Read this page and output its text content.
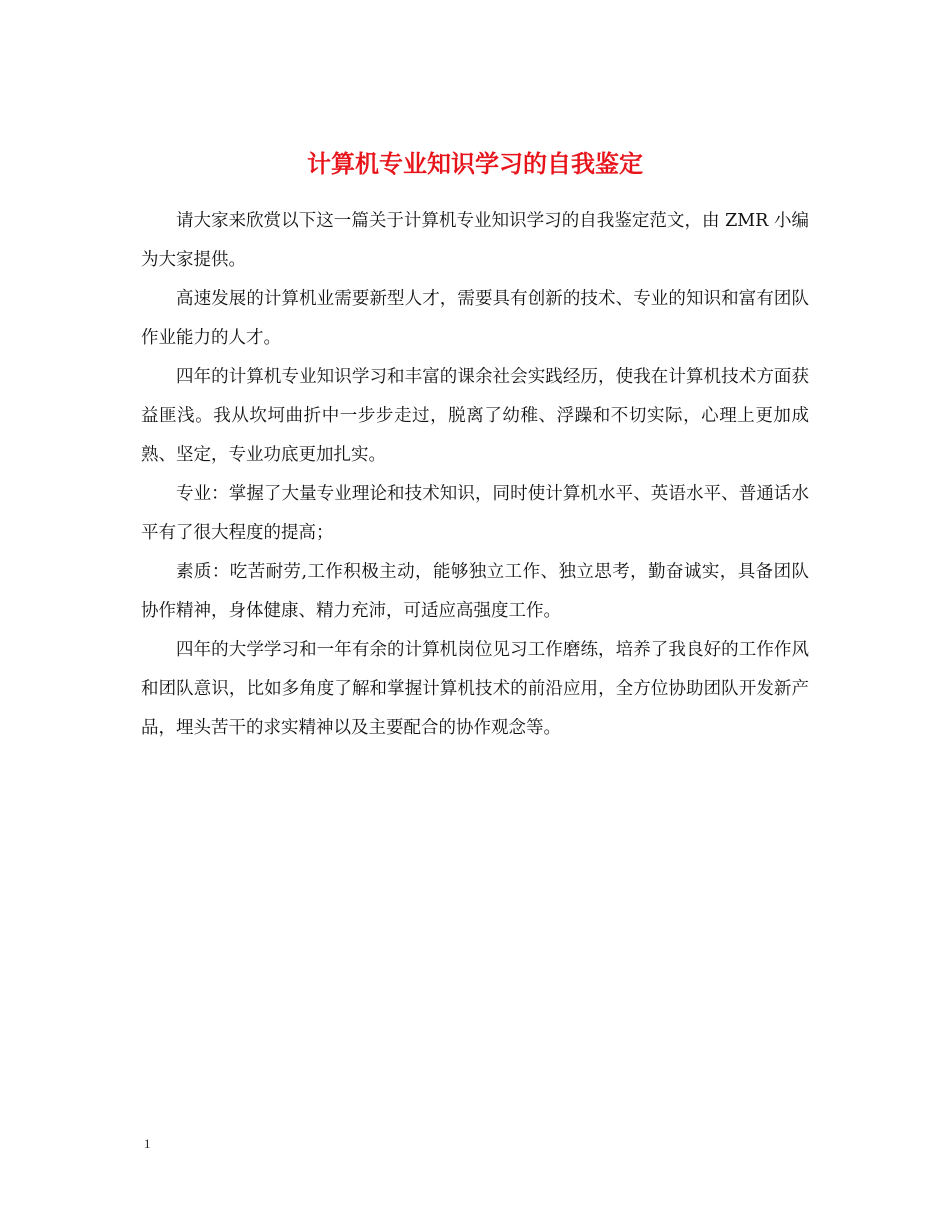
计算机专业知识学习的自我鉴定

请大家来欣赏以下这一篇关于计算机专业知识学习的自我鉴定范文，由 ZMR 小编为大家提供。

高速发展的计算机业需要新型人才，需要具有创新的技术、专业的知识和富有团队作业能力的人才。

四年的计算机专业知识学习和丰富的课余社会实践经历，使我在计算机技术方面获益匪浅。我从坎坷曲折中一步步走过，脱离了幼稚、浮躁和不切实际，心理上更加成熟、坚定，专业功底更加扎实。

专业：掌握了大量专业理论和技术知识，同时使计算机水平、英语水平、普通话水平有了很大程度的提高；

素质：吃苦耐劳,工作积极主动，能够独立工作、独立思考，勤奋诚实，具备团队协作精神，身体健康、精力充沛，可适应高强度工作。

四年的大学学习和一年有余的计算机岗位见习工作磨练，培养了我良好的工作作风和团队意识，比如多角度了解和掌握计算机技术的前沿应用，全方位协助团队开发新产品，埋头苦干的求实精神以及主要配合的协作观念等。

1
